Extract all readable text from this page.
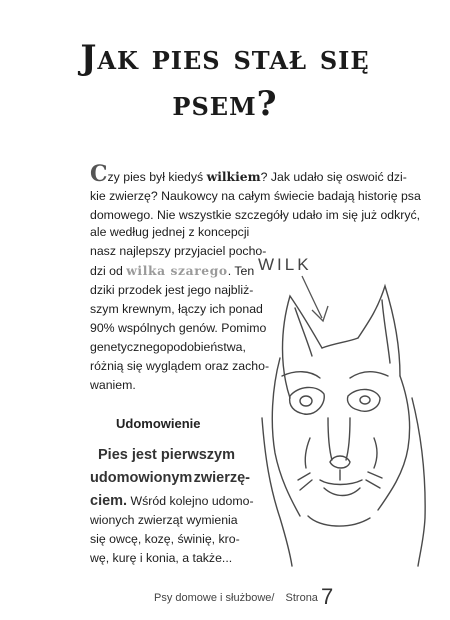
Jak pies stał się
psem?
Czy pies był kiedyś wilkiem? Jak udało się oswoić dzi-
kie zwierzę? Naukowcy na całym świecie badają historię psa
domowego. Nie wszystkie szczegóły udało im się już odkryć,
ale według jednej z koncepcji
nasz najlepszy przyjaciel pocho-
dzi od wilka szarego. Ten
dziki przodek jest jego najbliż-
szym krewnym, łączy ich ponad
90% wspólnych genów. Pomimo
genetycznegopodobieństwa,
różnią się wyglądem oraz zacho-
waniem.
Udomowienie
Pies jest pierwszym
udomowionym zwierzę-
ciem. Wśród kolejno udomo-
wionych zwierząt wymienia
się owcę, kozę, świnię, kro-
wę, kurę i konia, a także...
WILK
Psy domowe i służbowe/ Strona 7
